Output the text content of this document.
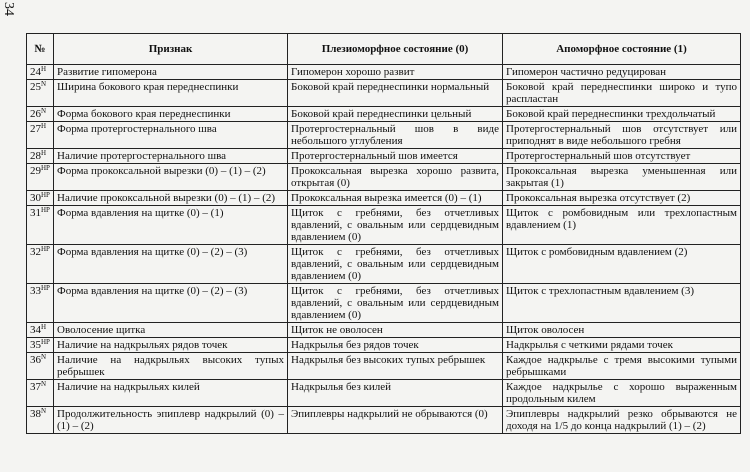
34
№	Признак	Плезиоморфное состояние (0)	Апоморфное состояние (1)
$24^H$	Развитие гипомерона	Гипомерон хорошо развит	Гипомерон частично редуцирован
$25^N$	Ширина бокового края переднеспинки	Боковой край переднеспинки нормальный	Боковой край переднеспинки широко и тупо распластан
$26^N$	Форма бокового края переднеспинки	Боковой край переднеспинки цельный	Боковой край переднеспинки трехдольчатый
$27^H$	Форма протергостернального шва	Протергостернальный шов в виде небольшого углубления	Протергостернальный шов отсутствует или приподнят в виде небольшого гребня
$28^H$	Наличие протергостернального шва	Протергостернальный шов имеется	Протергостернальный шов отсутствует
$29^{HP}$	Форма прококсальной вырезки (0) – (1) – (2)	Прококсальная вырезка хорошо развита, открытая (0)	Прококсальная вырезка уменьшенная или закрытая (1)
$30^{HP}$	Наличие прококсальной вырезки (0) – (1) – (2)	Прококсальная вырезка имеется (0) – (1)	Прококсальная вырезка отсутствует (2)
$31^{HP}$	Форма вдавления на щитке (0) – (1)	Щиток с гребнями, без отчетливых вдавлений, с овальным или сердцевидным вдавлением (0)	Щиток с ромбовидным или трехлопастным вдавлением (1)
$32^{HP}$	Форма вдавления на щитке (0) – (2) – (3)	Щиток с гребнями, без отчетливых вдавлений, с овальным или сердцевидным вдавлением (0)	Щиток с ромбовидным вдавлением (2)
$33^{HP}$	Форма вдавления на щитке (0) – (2) – (3)	Щиток с гребнями, без отчетливых вдавлений, с овальным или сердцевидным вдавлением (0)	Щиток с трехлопастным вдавлением (3)
$34^H$	Оволосение щитка	Щиток не оволосен	Щиток оволосен
$35^{HP}$	Наличие на надкрыльях рядов точек	Надкрылья без рядов точек	Надкрылья с четкими рядами точек
$36^N$	Наличие на надкрыльях высоких тупых ребрышек	Надкрылья без высоких тупых ребрышек	Каждое надкрылье с тремя высокими тупыми ребрышками
$37^N$	Наличие на надкрыльях килей	Надкрылья без килей	Каждое надкрылье с хорошо выраженным продольным килем
$38^N$	Продолжительность эпиплевр надкрылий (0) – (1) – (2)	Эпиплевры надкрылий не обрываются (0)	Эпиплевры надкрылий резко обрываются не доходя на 1/5 до конца надкрылий (1) – (2)
